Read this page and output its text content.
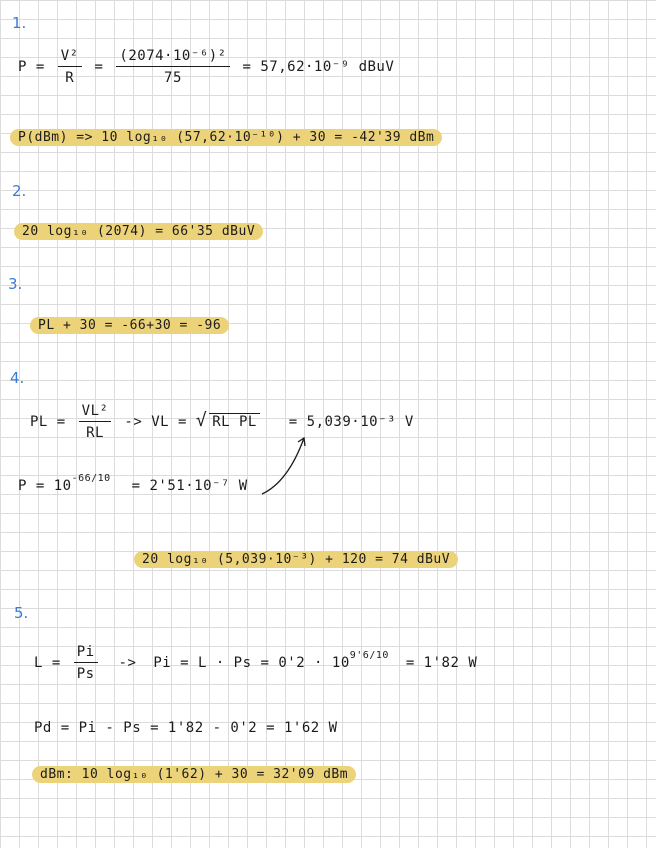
1.
$P = \frac{\text{V²}}{R} = \frac{\text{(2074·10⁻⁶)²}}{75} = 57,62\cdot 10^{-9}$ dBuV
P(dBm) => 10 log₁₀ (57,62·10⁻¹⁰) + 30 = -42'39 dBm
2.
20 log₁₀ (2074) = 66'35 dBuV
3.
PL + 30 = -66+30 = -96
4.
PL = $\frac{\text{VL²}}{RL}$ -> VL = √ RL PL = 5,039·10⁻³ V
$P = 10^{-66/10} = 2'51\cdot 10^{-7}$ W
20 log₁₀ (5,039·10⁻³) + 120 = 74 dBuV
5.
$L = \frac{Pi}{Ps} -> Pi = L \cdot Ps = 0'2 \cdot 10^{9'6/10} = 1'82$ W
Pd = Pi - Ps = 1'82 - 0'2 = 1'62 W
dBm: 10 log₁₀ (1'62) + 30 = 32'09 dBm
